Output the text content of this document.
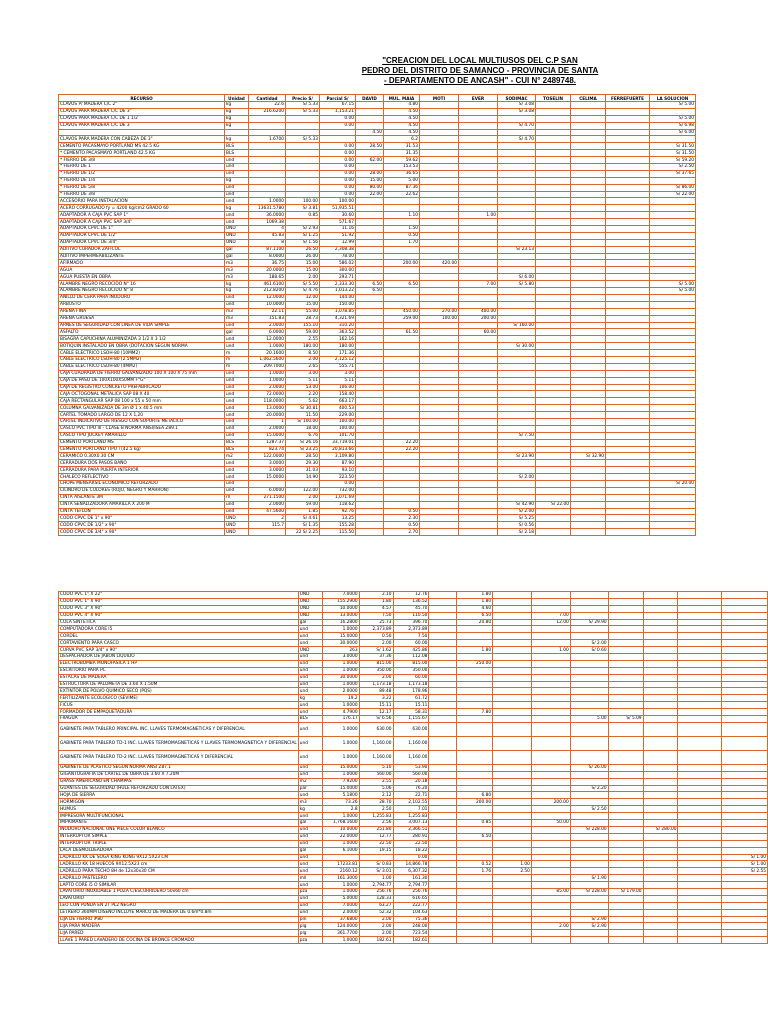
"CREACION DEL LOCAL MULTIUSOS DEL C.P SAN
PEDRO DEL DISTRITO DE SAMANCO - PROVINCIA DE SANTA
- DEPARTAMENTO DE ANCASH" - CUI N° 2489748.
RECURSO	Unidad	Cantidad	Precio S/	Parcial S/	DAVID	MUL. MAIA	MOTI	EVER	SODIMAC	TOSELIN	CELIMA	FERREFUERTE	LA SOLUCION
CLAVOS P/ MADERA C/C 2"	kg	22.6	S/ 5.33	67.15		4.80			S/ 3.08				S/ 5.00
CLAVOS PARA MADERA C/C DE 3"	kg	216.6200	S/ 5.33	1,153.21		4.50			S/ 3.08				
CLAVOS PARA MADERA C/C DE 1 1/2	kg			0.00		4.50							S/ 5.00
CLAVOS PARA MADERA C/C DE 3	kg			0.00		4.50			S/ 4.70				S/ 6.98
					4.50	4.50							S/ 6.00
CLAVOS PARA MADERA CON CABEZA DE 3"	kg	1.6700	S/ 5.33			6.2			S/ 4.70				
CEMENTO PACASMAYO PORTLAND MS 42.5 KG	BLS			0.00	28.50	31.53							S/ 31.50
* CEMENTO PACASMAYO PORTLAND 42.5 KG	BLS			0.00		31.35							S/ 31.50
* FIERRO DE 3/8	und			0.00	62.00	59.62							S/ 59.20
* FIERRO DE 1	und			0.00		153.53							S/ 2.50
* FIERRO DE 1/2	und			0.00	28.00	36.65							S/ 37.65
* FIERRO DE 1/4	kg			0.00	15.00	5.00							
* FIERRO DE 5/8	und			0.00	80.00	87.36							S/ 86.00
* FIERRO DE 3/8	und			0.00	22.00	22.62							S/ 22.00
ACCESORIO PARA INSTALACION	und	1.0000	100.00	100.00									
ACERO CORRUGADO fy = 4200 kg/cm2 GRADO 60	kg	13631.5780	S/ 3.81	51,935.51									
ADAPTADOR A CAJA PVC SAP 1"	und	36.0000	0.85	30.60		1.10		1.00					
ADAPTADOR A CAJA PVC SAP 3/4"	und	1069.38		571.67									
ADAPTADOR CPVC DE 1"	UND	4	S/ 2.93	11.16		1.50							
ADAPTADOR CPVC DE 1/2"	UND	45.83	S/ 1.25	51.92		0.50							
ADAPTADOR CPVC DE 3/4"	UND	8	S/ 1.56	12.99		1.70							
ADITIVO CURADOR ZAFICOL	gal	87.1100	26.50	2,308.38					S/ 23.13				
ADITIVO IMPERMEABILIZANTE	gal	8.0000	26.00	78.00									
AFIRMADO	m3	36.75	15.00	586.02		200.00	420.00						
AGUA	m3	20.0000	15.00	300.00									
AGUA PUESTA EN OBRA	m3	188.65	2.00	293.71					S/ 6.00				
ALAMBRE NEGRO RECOCIDO N° 16	kg	461.6100	S/ 5.50	2,333.30	6.50	6.50		7.00	S/ 5.80				S/ 5.00
ALAMBRE NEGRO RECOCIDO N° 8	kg	212.8200	S/ 4.76	1,013.22	6.50								S/ 5.00
ANILLO DE CERA PARA INODORO	und	12.0000	12.00	144.00									
ARBUSTO	und	10.0000	15.00	150.00									
ARENA FINA	m3	22.11	55.00	1,078.85		450.00	270.00	400.00					
ARENA GRUESA	m3	151.83	28.73	4,321.69		259.00	100.00	200.00					
ARNES DE SEGURIDAD CON LINEA DE VIDA SIMPLE	und	2.0000	155.10	310.20					S/ 160.00				
ASFALTO	gal	6.0000	59.00	363.52		61.50		60.00					
BISAGRA CAPUCHINA ALUMINIZADA 3 1/2 X 3 1/2	und	12.0000	2.55	162.16									
BOTIQUIN INSTALADO EN OBRA (DOTACION SEGUN NORMA	und	1.0000	180.00	180.00					S/ 30.00				
CABLE ELECTRICO LSOH-80 (10MM2)	m	20.1600	8.50	171.36									
CABLE ELECTRICO LSOH-80 (2.5MM2)	m	1,062.5600	2.00	2,125.12									
CABLE ELECTRICO LSOH-80 (4MM2)	m	209.7000	2.65	555.71									
CAJA CUADRADA DE FIERRO GALVANIZADO 100 X 100 X 75 mm	und	1.0000	3.00	3.00									
CAJA DE PASO DE 100X100X50MM F°G°	und	1.0000	5.11	5.11									
CAJA DE REGISTRO CONCRETO PREFABRICADO	und	2.0000	53.00	106.00									
CAJA OCTOGONAL METALICA SAP 08 X 40	und	72.0000	2.20	158.40									
CAJA RECTANGULAR SAP 08 100 x 55 x 50 mm	und	118.0000	5.62	663.17									
COLUMNA GALVANIZADA DE 3m Ø 1 x 40.5 mm	und	13.0000	S/ 30.81	400.53									
CARTEL TOMADO LARGO DE 12 X 1,20	und	20.0000	11.50	229.00									
CARTEL INDICATIVO DE RIESGO CON SOPORTE METALICO	und	1	S/ 100.00	100.00									
CASCO PVC TIPO III - CLASE B NORMA ANSI/ISEA Z89.1	und	2.0000	18.00	100.00									
CASCO TIPO JOCKEY AMARILLO	und	15.0000	6.76	101.70					S/ 7.50				
CEMENTO PORTLAND MS	BLS	1287.37	S/ 26.16	33,719.01		22.20							
CEMENTO PORTLAND TIPO I (42.5 kg)	BLS	823.74	S/ 23.25	20,813.66		22.20							
CERAMICO 0.30X0.30 CM	m2	122.0000	28.50	3,109.80					S/ 23.90		S/ 32.90		
CERRADURA DOS PASOS BAÑO	und	3.0000	29.30	87.90									
CERRADURA PARA PUERTA INTERIOR	und	3.0000	31.03	93.10									
CHALECO REFLECTIVO	und	15.0000	14.90	223.50					S/ 2.00				
CHOPE MENSARSIL ECONOMICO REFORZADO	und			0.00									S/ 20.00
CILINDRO DE COLORES (ROJO, NEGRO Y MARRON)	und	6.0000	122.00	732.00									
CINTA AISLANTE 3M	rll	271.1500	2.00	1,071.69									
CINTA SEÑALIZADORA AMARILLA X 200 M	und	2.0000	59.00	118.62					S/ 42.90	S/ 22.00			
CINTA TEFLON	und	47.5600	1.85	92.76		0.50			S/ 2.00				
CODO CPVC DE 1" x 90°	UND	2	S/ 4.61	13.25		2.30			S/ 5.25				
CODO CPVC DE 1/2" x 90°	UND	115.7	S/ 1.35	155.28		0.50			S/ 0.56				
CODO CPVC DE 3/4" x 90°	UND		22 S/ 2.25	115.50		2.70			S/ 2.18				
CODO PVC 1" X 22°	UND	7.0000	2.10	12.76		1.80							
CODO PVC 1" X 90°	UND	155.2900	1.80	136.52		1.80							
CODO PVC 3" X 90°	UND	10.0000	4.57	45.70		4.60							
CODO PVC 4" X 90°	UND	13.0000	7.50	110.50		6.50		7.00					
COLA SINTETICA	gal	16.2800	25.73	396.70		20.80		12.00	S/ 29.90				
COMPUTADORA CORE I5	und	1.0000	2,373.89	2,373.89									
CORDEL	und	15.0000	0.50	7.50									
CORTAVIENTO PARA CASCO	und	30.0000	2.00	60.00					S/ 2.00				
CURVA PVC SAP 3/4" x 90°	UND	263	S/ 1.62	425.86		1.80		1.00	S/ 0.60				
DESPACHADOR DE JABON LIQUIDO	und	3.0000	37.36	112.08									
ELECTROBOMBA MONOFASICA 1 HP	und	1.0000	815.00	815.00		250.00							
ESCRITORIO PARA PC	und	1.0000	350.00	350.00									
ESTACAS DE MADERA	und	30.0000	2.00	60.00									
ESTRUCTURA DE PALOMETA DE 3.60 X 1.50M	und	1.0000	1,173.18	1,173.18									
EXTINTOR DE POLVO QUIMICO SECO (PQS)	und	2.0000	89.48	178.96									
FERTILIZANTE ECOLOGICO (SEVIME)	kg	19.2	3.22	61.72									
FICUS	und	1.0000	15.11	15.11									
FORMADOR DE EMPAQUETADURA	und	4.7900	12.17	58.31		7.80							
FRAGUA	BLS	176.17	S/ 6.56	1,155.67					5.00	S/ 5.09			
GABINETE PARA TABLERO PRINCIPAL INC. LLAVES TERMOMAGNETICAS Y DIFERENCIAL	und	1.0000	630.00	630.00									
GABINETE PARA TABLERO TD-1 INC. LLAVES TERMOMAGNETICAS Y LLAVES TERMOMAGNETICA Y DIFERENCIAL	und	1.0000	1,160.00	1,160.00									
GABINETE PARA TABLERO TD-2 INC. LLAVES TERMOMAGNETICAS Y DIFERENCIAL	und	1.0000	1,160.00	1,160.00									
GABINETE DE PLASTICO SEGUN NORMA ANSI Z87.1	und	15.0000	5.10	53.90					S/ 26.00				
GIGANTOGRAFIA DE CARTEL DE OBRA DE 3.60 X 7.20M	und	1.0000	560.00	560.00									
GRASS AMERICANO EN CHAMPAS	m2	7.9200	2.55	20.18									
GUANTES DE SEGURIDAD (HULE REFORZADO CON LATEX)	par	15.0000	5.06	76.20					S/ 2.20				
HOJA DE SIERRA	und	5.1800	2.12	22.71		6.80							
HORMIGON	m3	73.26	28.70	2,102.55		200.00		200.00					
HUMUS	kg	2.8	2.50	7.01					S/ 2.50				
IMPRESORA MULTIFUNCIONAL	und	1.0000	1,255.83	1,255.83									
IMPRIMANTE	gal	1,768.1600	2.56	3,007.13		0.85		50.00					
INODORO NACIONAL ONE PIECE COLOR BLANCO	und	10.0000	251.80	2,366.51					S/ 228.00		S/ 280.00		
INTERRUPTOR SIMPLE	und	22.0000	12.77	280.91		6.50							
INTERRUPTOR TRIPLE	und	1.0000	22.50	22.50									
LACA DESMOLDEADORA	gal	6.1000	19.15	18.22									
LADRILLO KK DE SOGA KING KONG 9X12.5X23 CM	und			0.00									S/ 1.00
LADRILLO KK 18 HUECOS 9X12.5X23 cm	und	17233.81	S/ 0.83	14,866.78		0.52	1.00						S/ 1.00
LADRILLO PARA TECHO 8H de 12x30x30 CM	und	2160.12	S/ 3.01	6,307.32		1.76	2.50						S/ 2.55
LADRILLO PASTELERO	mll	161.3000	1.00	161.30					S/ 1.90				
LAPTO CORE i5 O SIMILAR	und	1.0000	2,794.77	2,794.77									
LAVATORIO INOXIDABLE 1 POZA C/ESCURRIDERO 50x60 cm	pza	1.0000	256.76	256.76				85.00	S/ 228.00	S/ 179.00			
LAVATORIO	und	5.0000	128.33	616.65									
LEO CON PUNDA EN 2T PL2 NEGRO	und	7.0000	63.27	222.77									
LETRERO 360MM DISEÑO INCLUYE MARCO DE MADERA DE 0.6m*0.8m	und	2.0000	52.32	104.63									
LIJA DE FIERRO #80	pln	37.6800	2.00	75.36					S/ 2.90				
LIJA PARA MADERA	plg	124.0000	2.00	248.00				2.00	S/ 2.90				
LIJA PARED	plg	361.7700	2.00	723.54									
LLAVE 1 PARED LAVADERO DE COCINA DE BRONCE CROMADO	pza	1.0000	182.61	182.61									
